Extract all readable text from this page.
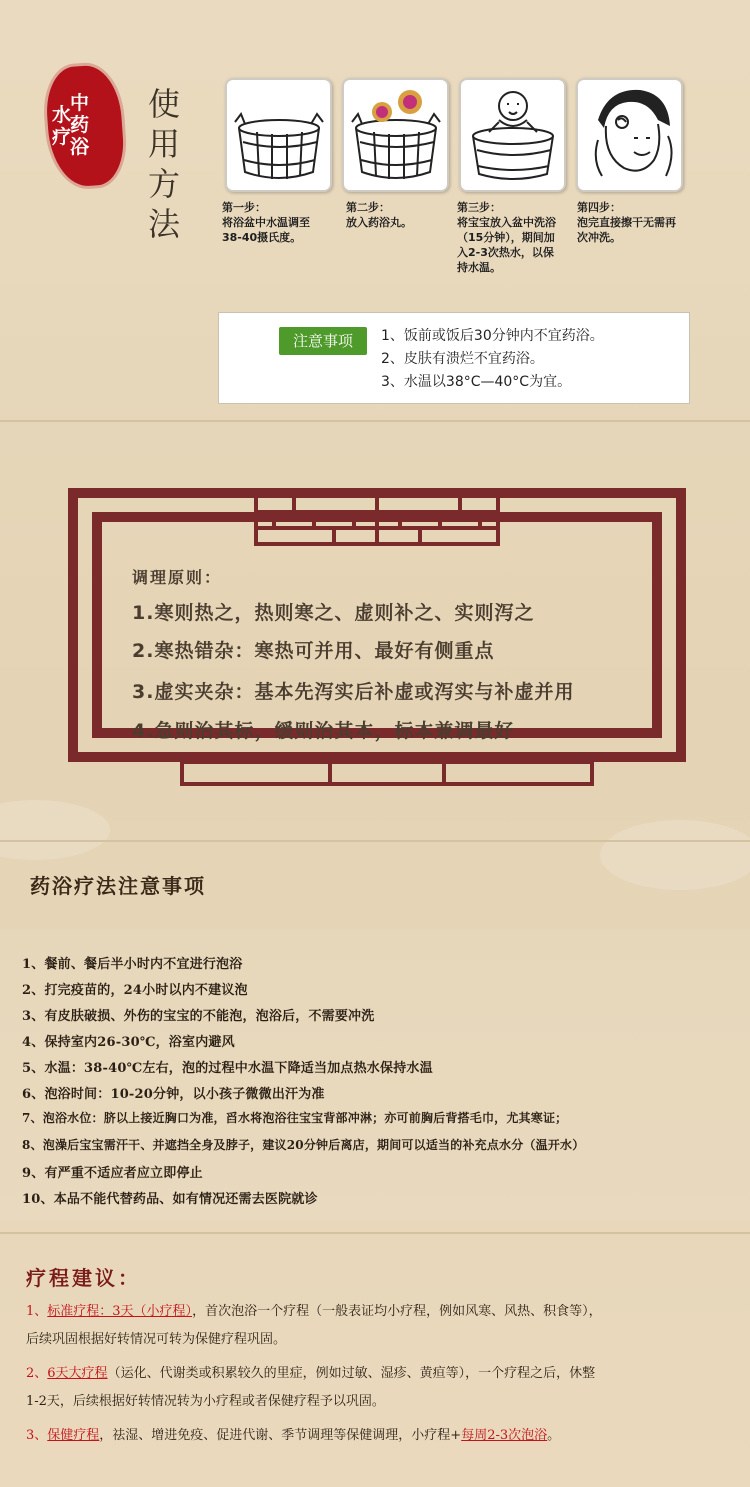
中药浴
水疗
使用方法	第一步：
将浴盆中水温调至
38-40摄氏度。
第二步：
放入药浴丸。
第三步：
将宝宝放入盆中洗浴
（15分钟），期间加
入2-3次热水，以保
持水温。
第四步：
泡完直接擦干无需再
次冲洗。
注意事项	1、饭前或饭后30分钟内不宜药浴。
2、皮肤有溃烂不宜药浴。
3、水温以38°C—40°C为宜。
调理原则：
1.寒则热之，热则寒之、虚则补之、实则泻之
2.寒热错杂：寒热可并用、最好有侧重点
3.虚实夹杂：基本先泻实后补虚或泻实与补虚并用
4.急则治其标，缓则治其本，标本兼调最好
药浴疗法注意事项
1、餐前、餐后半小时内不宜进行泡浴
2、打完疫苗的，24小时以内不建议泡
3、有皮肤破损、外伤的宝宝的不能泡，泡浴后，不需要冲洗
4、保持室内26-30℃，浴室内避风
5、水温：38-40℃左右，泡的过程中水温下降适当加点热水保持水温
6、泡浴时间：10-20分钟，以小孩子微微出汗为准
7、泡浴水位：脐以上接近胸口为准，舀水将泡浴往宝宝背部冲淋；亦可前胸后背搭毛巾，尤其寒证；
8、泡澡后宝宝需汗干、并遮挡全身及脖子，建议20分钟后离店，期间可以适当的补充点水分（温开水）
9、有严重不适应者应立即停止
10、本品不能代替药品、如有情况还需去医院就诊
疗程建议：
1、标准疗程：3天（小疗程），首次泡浴一个疗程（一般表证均小疗程，例如风寒、风热、积食等），
后续巩固根据好转情况可转为保健疗程巩固。
2、6天大疗程（运化、代谢类或积累较久的里症，例如过敏、湿疹、黄疸等），一个疗程之后，休整
1-2天，后续根据好转情况转为小疗程或者保健疗程予以巩固。
3、保健疗程，祛湿、增进免疫、促进代谢、季节调理等保健调理，小疗程+每周2-3次泡浴。
